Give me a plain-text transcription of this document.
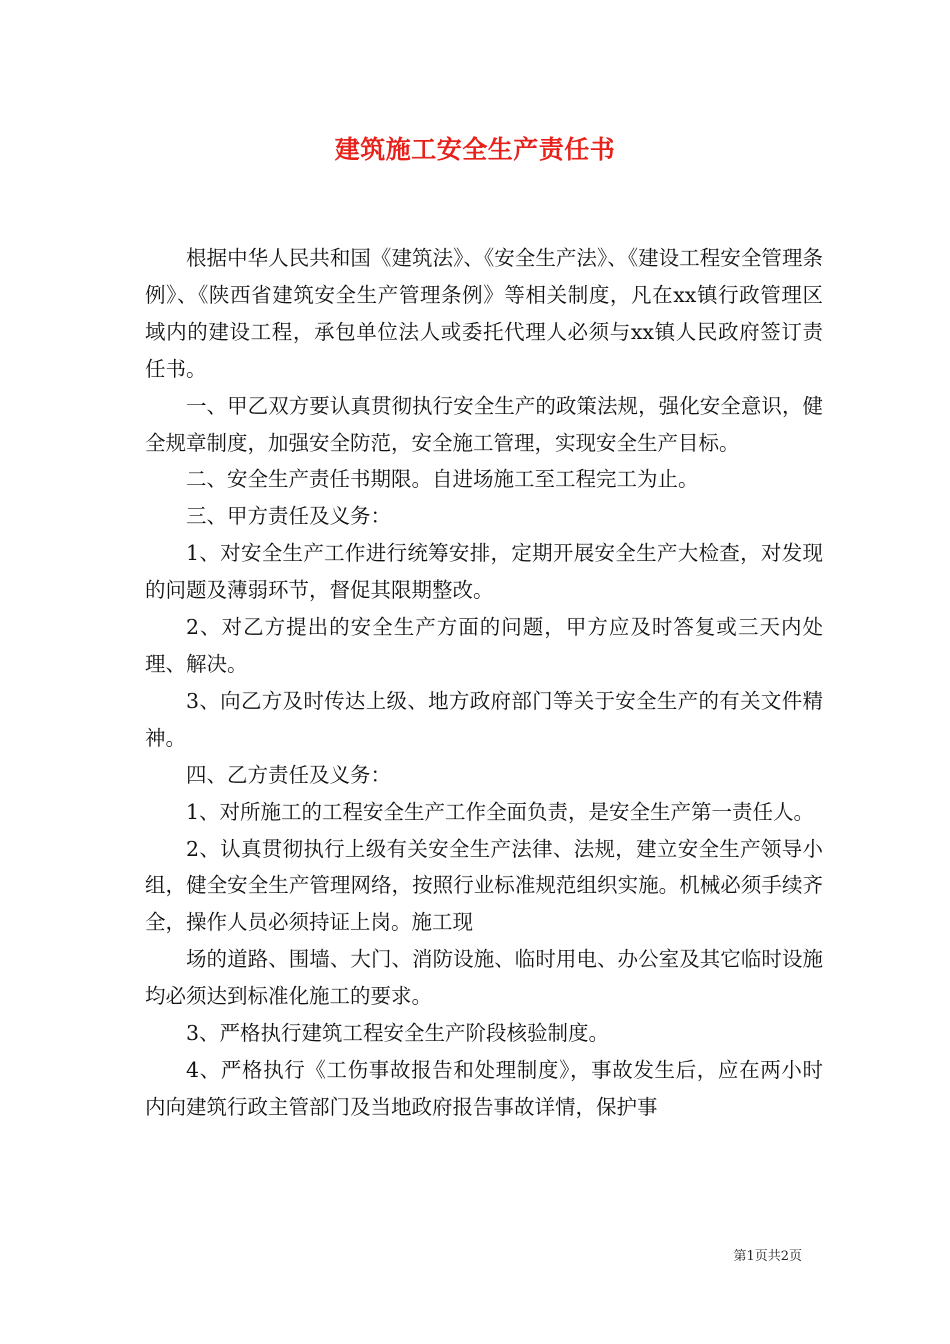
建筑施工安全生产责任书

根据中华人民共和国《建筑法》、《安全生产法》、《建设工程安全管理条例》、《陕西省建筑安全生产管理条例》等相关制度，凡在xx镇行政管理区域内的建设工程，承包单位法人或委托代理人必须与xx镇人民政府签订责任书。

一、甲乙双方要认真贯彻执行安全生产的政策法规，强化安全意识，健全规章制度，加强安全防范，安全施工管理，实现安全生产目标。

二、安全生产责任书期限。自进场施工至工程完工为止。

三、甲方责任及义务：

1、对安全生产工作进行统筹安排，定期开展安全生产大检查，对发现的问题及薄弱环节，督促其限期整改。

2、对乙方提出的安全生产方面的问题，甲方应及时答复或三天内处理、解决。

3、向乙方及时传达上级、地方政府部门等关于安全生产的有关文件精神。

四、乙方责任及义务：

1、对所施工的工程安全生产工作全面负责，是安全生产第一责任人。

2、认真贯彻执行上级有关安全生产法律、法规，建立安全生产领导小组，健全安全生产管理网络，按照行业标准规范组织实施。机械必须手续齐全，操作人员必须持证上岗。施工现

场的道路、围墙、大门、消防设施、临时用电、办公室及其它临时设施均必须达到标准化施工的要求。

3、严格执行建筑工程安全生产阶段核验制度。

4、严格执行《工伤事故报告和处理制度》，事故发生后，应在两小时内向建筑行政主管部门及当地政府报告事故详情，保护事

第1页共2页
